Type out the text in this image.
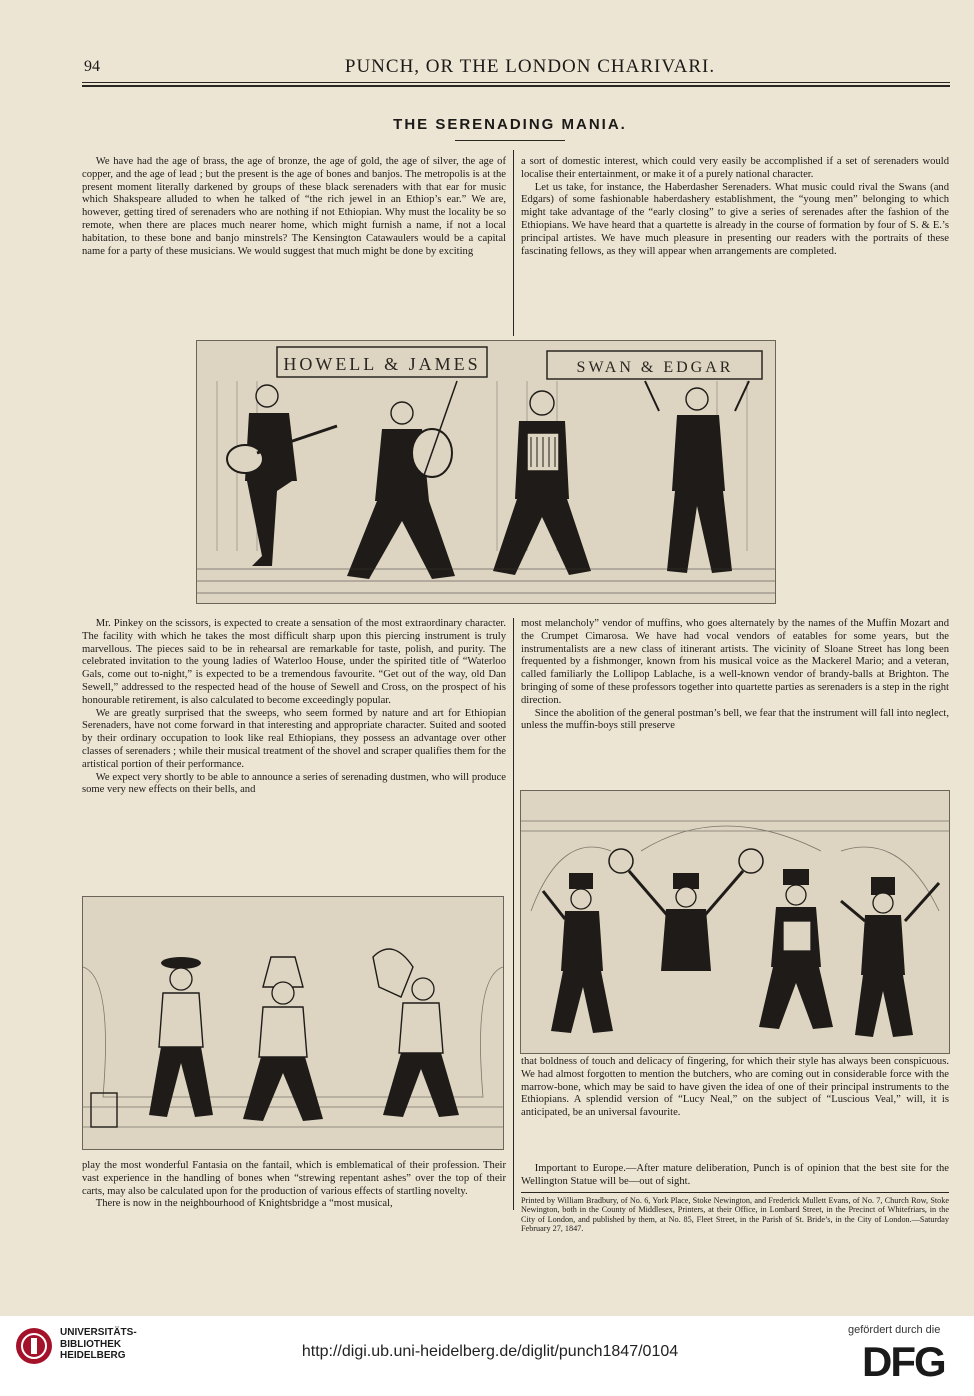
94	PUNCH, OR THE LONDON CHARIVARI.
THE SERENADING MANIA.

We have had the age of brass, the age of bronze, the age of gold, the age of silver, the age of copper, and the age of lead ; but the present is the age of bones and banjos. The metropolis is at the present moment literally darkened by groups of these black serenaders with that ear for music which Shakspeare alluded to when he talked of “the rich jewel in an Ethiop’s ear.” We are, however, getting tired of serenaders who are nothing if not Ethiopian. Why must the locality be so remote, when there are places much nearer home, which might furnish a name, if not a local habitation, to these bone and banjo minstrels? The Kensington Catawaulers would be a capital name for a party of these musicians. We would suggest that much might be done by exciting

a sort of domestic interest, which could very easily be accomplished if a set of serenaders would localise their entertainment, or make it of a purely national character.

Let us take, for instance, the Haberdasher Serenaders. What music could rival the Swans (and Edgars) of some fashionable haberdashery establishment, the “young men” belonging to which might take advantage of the “early closing” to give a series of serenades after the fashion of the Ethiopians. We have heard that a quartette is already in the course of formation by four of S. & E.’s principal artistes. We have much pleasure in presenting our readers with the portraits of these fascinating fellows, as they will appear when arrangements are completed.

HOWELL & JAMES	SWAN & EDGAR

Mr. Pinkey on the scissors, is expected to create a sensation of the most extraordinary character. The facility with which he takes the most difficult sharp upon this piercing instrument is truly marvellous. The pieces said to be in rehearsal are remarkable for taste, polish, and purity. The celebrated invitation to the young ladies of Waterloo House, under the spirited title of “Waterloo Gals, come out to-night,” is expected to be a tremendous favourite. “Get out of the way, old Dan Sewell,” addressed to the respected head of the house of Sewell and Cross, on the prospect of his honourable retirement, is also calculated to become exceedingly popular.

We are greatly surprised that the sweeps, who seem formed by nature and art for Ethiopian Serenaders, have not come forward in that interesting and appropriate character. Suited and sooted by their ordinary occupation to look like real Ethiopians, they possess an advantage over other classes of serenaders ; while their musical treatment of the shovel and scraper qualifies them for the artistical portion of their performance.

We expect very shortly to be able to announce a series of serenading dustmen, who will produce some very new effects on their bells, and

most melancholy” vendor of muffins, who goes alternately by the names of the Muffin Mozart and the Crumpet Cimarosa. We have had vocal vendors of eatables for some years, but the instrumentalists are a new class of itinerant artists. The vicinity of Sloane Street has long been frequented by a fishmonger, known from his musical voice as the Mackerel Mario; and a veteran, called familiarly the Lollipop Lablache, is a well-known vendor of brandy-balls at Brighton. The bringing of some of these professors together into quartette parties as serenaders is a step in the right direction.

Since the abolition of the general postman’s bell, we fear that the instrument will fall into neglect, unless the muffin-boys still preserve

play the most wonderful Fantasia on the fantail, which is emblematical of their profession. Their vast experience in the handling of bones when “strewing repentant ashes” over the top of their carts, may also be calculated upon for the production of various effects of startling novelty.

There is now in the neighbourhood of Knightsbridge a “most musical,

that boldness of touch and delicacy of fingering, for which their style has always been conspicuous. We had almost forgotten to mention the butchers, who are coming out in considerable force with the marrow-bone, which may be said to have given the idea of one of their principal instruments to the Ethiopians. A splendid version of “Lucy Neal,” on the subject of “Luscious Veal,” will, it is anticipated, be an universal favourite.

Important to Europe.—After mature deliberation, Punch is of opinion that the best site for the Wellington Statue will be—out of sight.

Printed by William Bradbury, of No. 6, York Place, Stoke Newington, and Frederick Mullett Evans, of No. 7, Church Row, Stoke Newington, both in the County of Middlesex, Printers, at their Office, in Lombard Street, in the Precinct of Whitefriars, in the City of London, and published by them, at No. 85, Fleet Street, in the Parish of St. Bride’s, in the City of London.—Saturday February 27, 1847.
UNIVERSITÄTS-
BIBLIOTHEK
HEIDELBERG	http://digi.ub.uni-heidelberg.de/diglit/punch1847/0104
gefördert durch die
DFG
